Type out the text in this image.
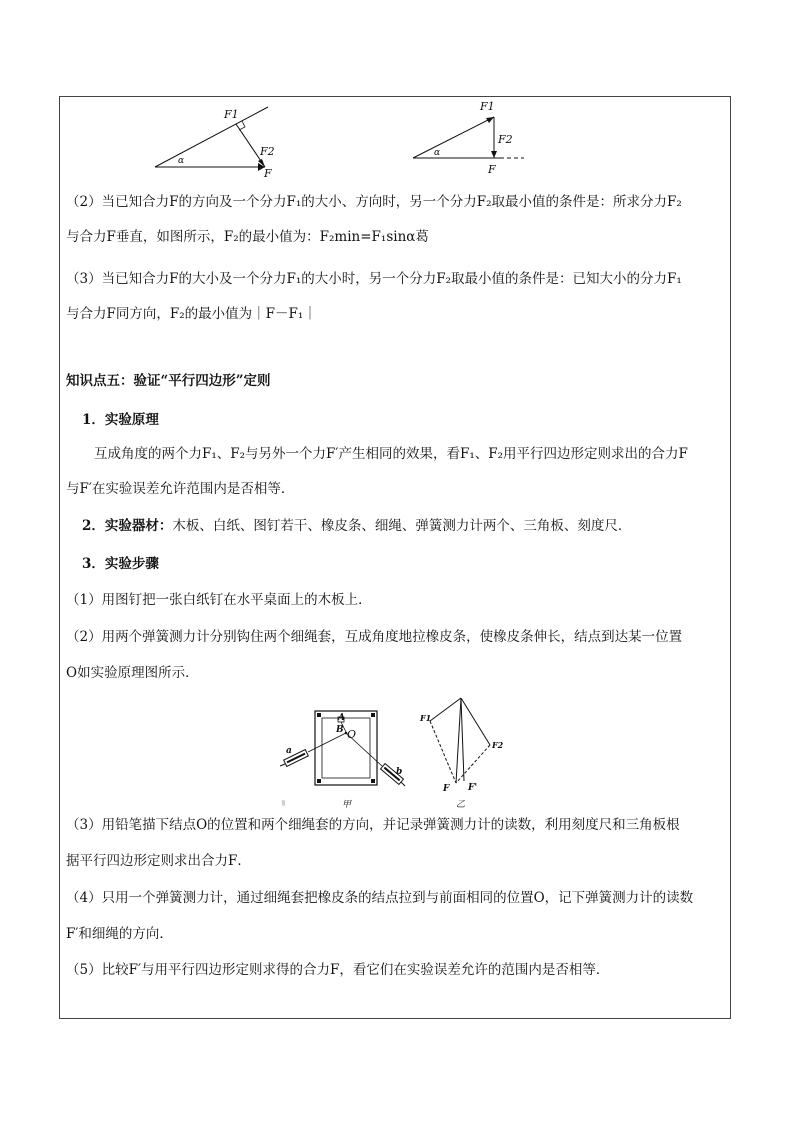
F1
F2
F
α
F1
F2
F
α
（2）当已知合力F的方向及一个分力F₁的大小、方向时，另一个分力F₂取最小值的条件是：所求分力F₂
与合力F垂直，如图所示，F₂的最小值为：F₂min=F₁sinα葛
（3）当已知合力F的大小及一个分力F₁的大小时，另一个分力F₂取最小值的条件是：已知大小的分力F₁
与合力F同方向，F₂的最小值为｜F－F₁｜
知识点五：验证“平行四边形”定则
1．实验原理
互成角度的两个力F₁、F₂与另外一个力F′产生相同的效果，看F₁、F₂用平行四边形定则求出的合力F
与F′在实验误差允许范围内是否相等．
2．实验器材：木板、白纸、图钉若干、橡皮条、细绳、弹簧测力计两个、三角板、刻度尺．
3．实验步骤
（1）用图钉把一张白纸钉在水平桌面上的木板上．
（2）用两个弹簧测力计分别钩住两个细绳套，互成角度地拉橡皮条，使橡皮条伸长，结点到达某一位置
O如实验原理图所示．
A
B O
a
b
甲
F1
F2
F F'
乙
（3）用铅笔描下结点O的位置和两个细绳套的方向，并记录弹簧测力计的读数，利用刻度尺和三角板根
据平行四边形定则求出合力F．
（4）只用一个弹簧测力计，通过细绳套把橡皮条的结点拉到与前面相同的位置O，记下弹簧测力计的读数
F′和细绳的方向．
（5）比较F′与用平行四边形定则求得的合力F，看它们在实验误差允许的范围内是否相等．
